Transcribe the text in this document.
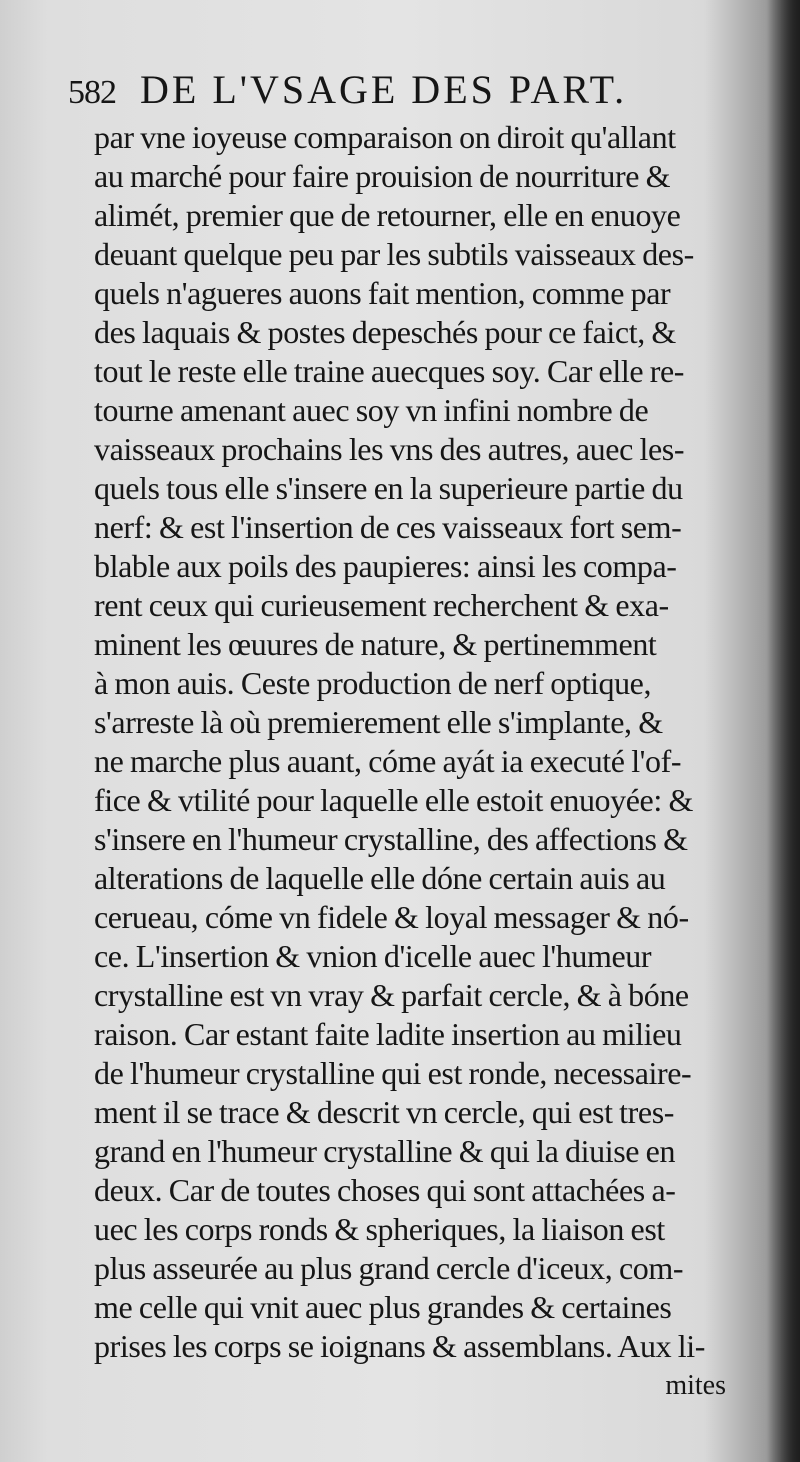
582 DE L'VSAGE DES PART.
par vne ioyeuse comparaison on diroit qu'allant
au marché pour faire prouision de nourriture &
alimét, premier que de retourner, elle en enuoye
deuant quelque peu par les subtils vaisseaux des-
quels n'agueres auons fait mention, comme par
des laquais & postes depeschés pour ce faict, &
tout le reste elle traine auecques soy. Car elle re-
tourne amenant auec soy vn infini nombre de
vaisseaux prochains les vns des autres, auec les-
quels tous elle s'insere en la superieure partie du
nerf: & est l'insertion de ces vaisseaux fort sem-
blable aux poils des paupieres: ainsi les compa-
rent ceux qui curieusement recherchent & exa-
minent les œuures de nature, & pertinemment
à mon auis. Ceste production de nerf optique,
s'arreste là où premierement elle s'implante, &
ne marche plus auant, cóme ayát ia executé l'of-
fice & vtilité pour laquelle elle estoit enuoyée: &
s'insere en l'humeur crystalline, des affections &
alterations de laquelle elle dóne certain auis au
cerueau, cóme vn fidele & loyal messager & nó-
ce. L'insertion & vnion d'icelle auec l'humeur
crystalline est vn vray & parfait cercle, & à bóne
raison. Car estant faite ladite insertion au milieu
de l'humeur crystalline qui est ronde, necessaire-
ment il se trace & descrit vn cercle, qui est tres-
grand en l'humeur crystalline & qui la diuise en
deux. Car de toutes choses qui sont attachées a-
uec les corps ronds & spheriques, la liaison est
plus asseurée au plus grand cercle d'iceux, com-
me celle qui vnit auec plus grandes & certaines
prises les corps se ioignans & assemblans. Aux li-
mites
